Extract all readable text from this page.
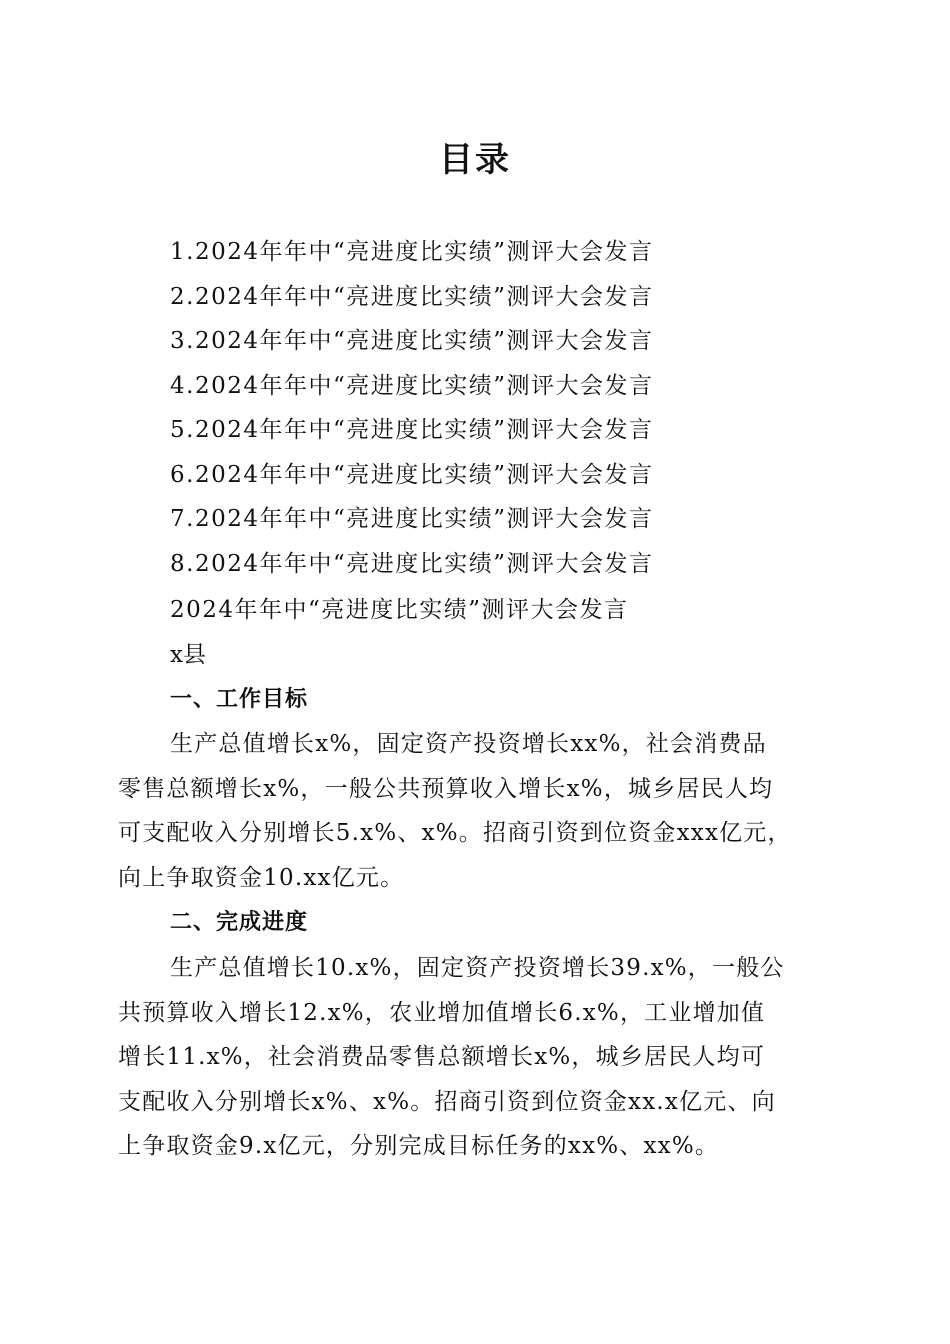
目录
1.2024年年中“亮进度比实绩”测评大会发言
2.2024年年中“亮进度比实绩”测评大会发言
3.2024年年中“亮进度比实绩”测评大会发言
4.2024年年中“亮进度比实绩”测评大会发言
5.2024年年中“亮进度比实绩”测评大会发言
6.2024年年中“亮进度比实绩”测评大会发言
7.2024年年中“亮进度比实绩”测评大会发言
8.2024年年中“亮进度比实绩”测评大会发言
2024年年中“亮进度比实绩”测评大会发言
x县
一、工作目标
生产总值增长x%，固定资产投资增长xx%，社会消费品
零售总额增长x%，一般公共预算收入增长x%，城乡居民人均
可支配收入分别增长5.x%、x%。招商引资到位资金xxx亿元，
向上争取资金10.xx亿元。
二、完成进度
生产总值增长10.x%，固定资产投资增长39.x%，一般公
共预算收入增长12.x%，农业增加值增长6.x%，工业增加值
增长11.x%，社会消费品零售总额增长x%，城乡居民人均可
支配收入分别增长x%、x%。招商引资到位资金xx.x亿元、向
上争取资金9.x亿元，分别完成目标任务的xx%、xx%。
